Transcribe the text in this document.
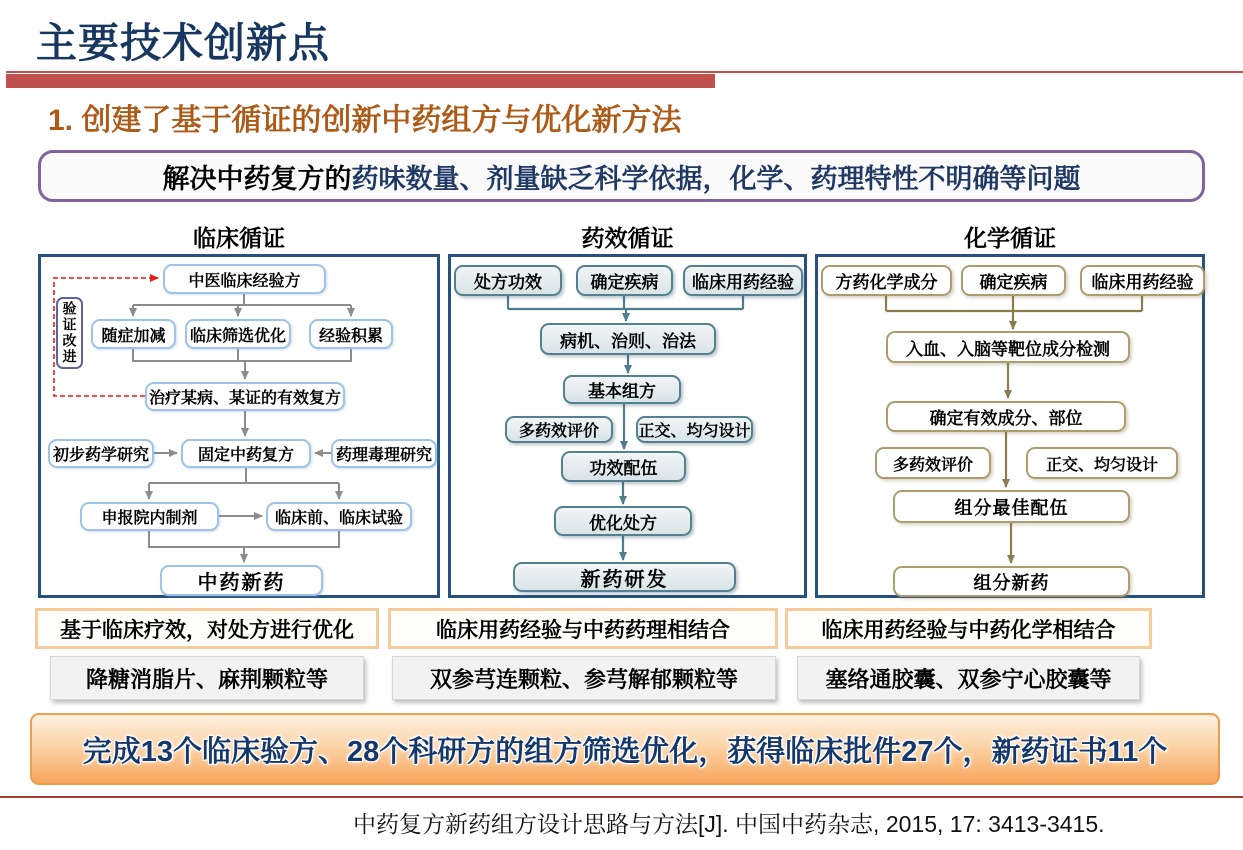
主要技术创新点
1. 创建了基于循证的创新中药组方与优化新方法
解决中药复方的 药味数量、剂量缺乏科学依据，化学、药理特性不明确等问题
临床循证	药效循证	化学循证
中医临床经验方
验证改进	随症加减	临床筛选优化	经验积累
治疗某病、某证的有效复方
初步药学研究	固定中药复方	药理毒理研究
申报院内制剂	临床前、临床试验
中药新药
处方功效	确定疾病	临床用药经验
病机、治则、治法
基本组方
多药效评价	正交、均匀设计
功效配伍
优化处方
新药研发
方药化学成分	确定疾病	临床用药经验
入血、入脑等靶位成分检测
确定有效成分、部位
多药效评价	正交、均匀设计
组分最佳配伍
组分新药
基于临床疗效，对处方进行优化	临床用药经验与中药药理相结合	临床用药经验与中药化学相结合
降糖消脂片、麻荆颗粒等	双参芎连颗粒、参芎解郁颗粒等	塞络通胶囊、双参宁心胶囊等
完成13个临床验方、28个科研方的组方筛选优化，获得临床批件27个，新药证书11个
中药复方新药组方设计思路与方法[J]. 中国中药杂志, 2015, 17: 3413-3415.
